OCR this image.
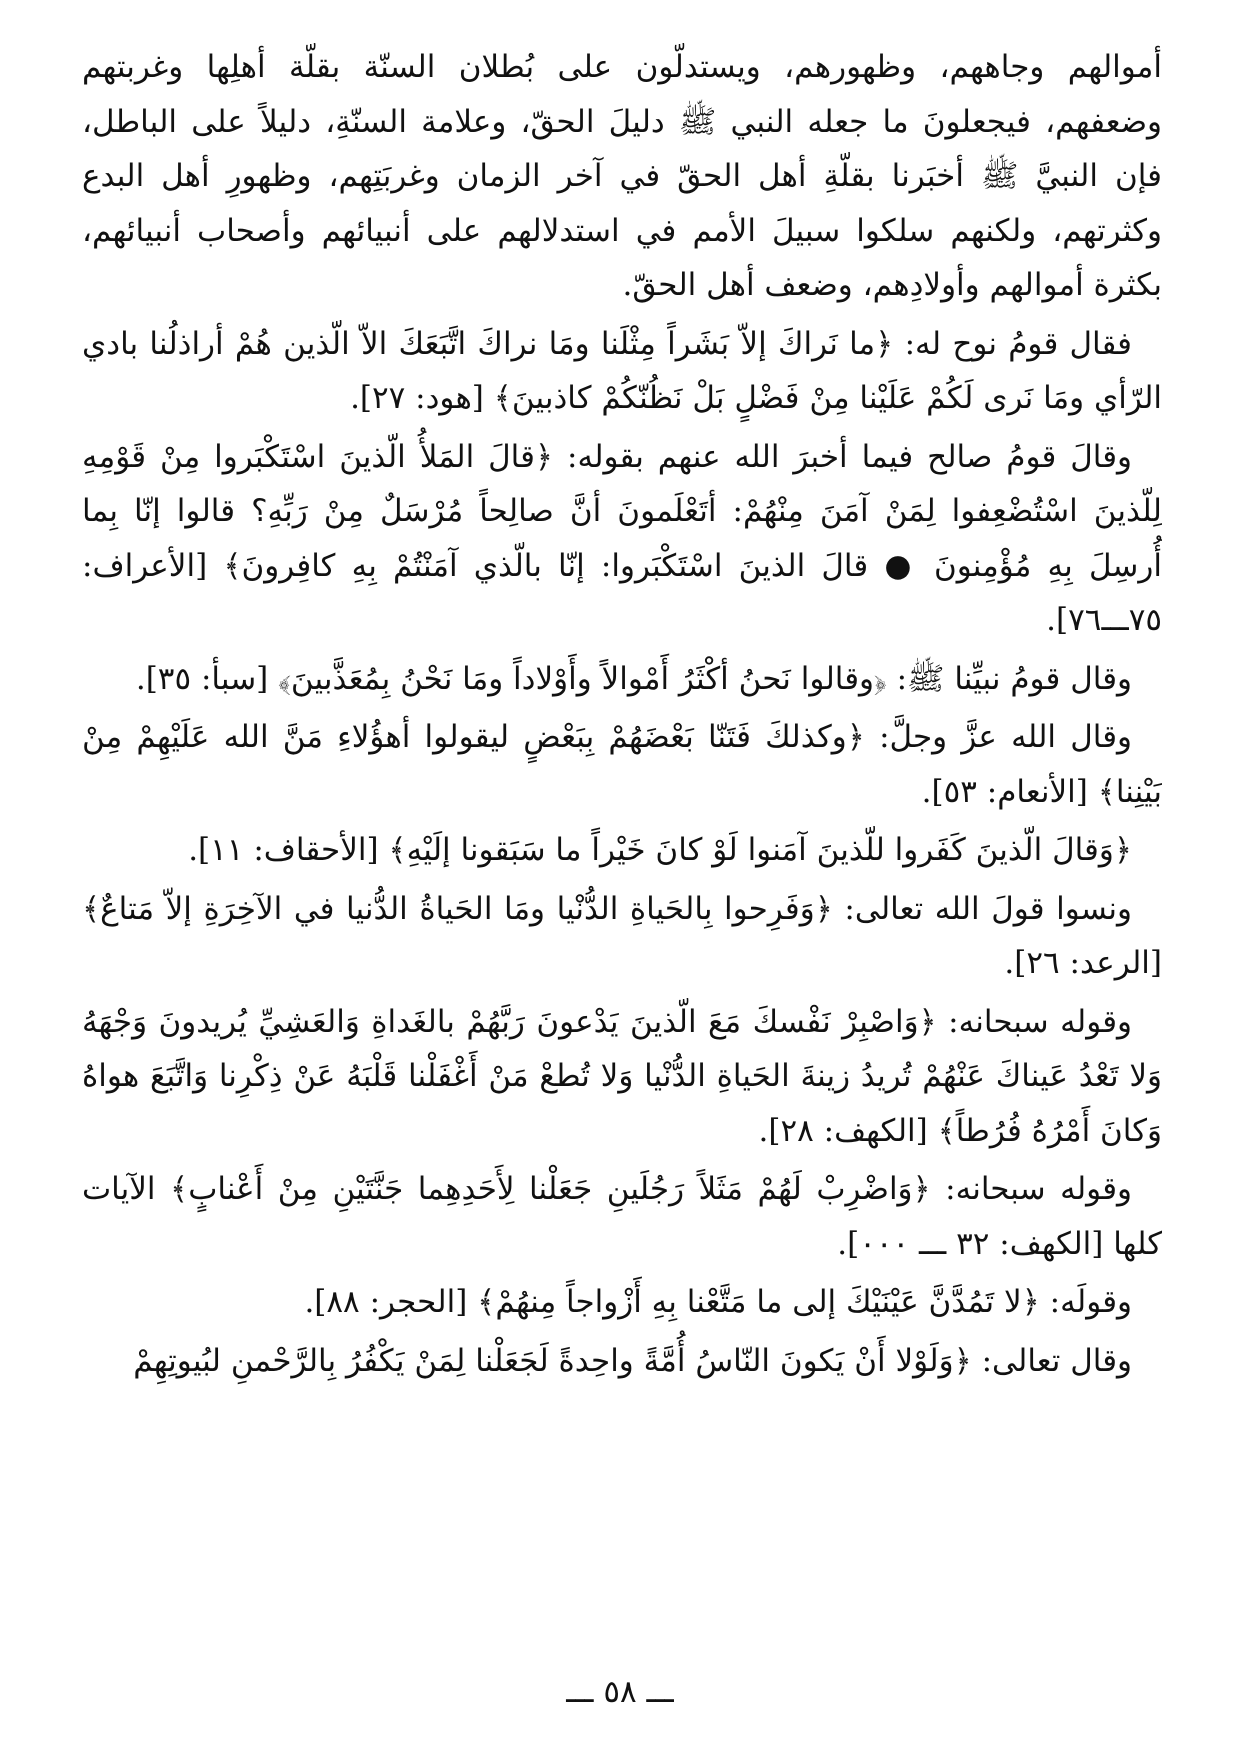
أموالهم وجاههم، وظهورهم، ويستدلّون على بُطلان السنّة بقلّة أهلِها وغربتهم وضعفهم، فيجعلونَ ما جعله النبي ﷺ دليلَ الحقّ، وعلامة السنّةِ، دليلاً على الباطل، فإن النبيَّ ﷺ أخبَرنا بقلّةِ أهل الحقّ في آخر الزمان وغربَتِهم، وظهورِ أهل البدع وكثرتهم، ولكنهم سلكوا سبيلَ الأمم في استدلالهم على أنبيائهم وأصحاب أنبيائهم، بكثرة أموالهم وأولادِهم، وضعف أهل الحقّ.

فقال قومُ نوح له: ﴿ما نَراكَ إلاّ بَشَراً مِثْلَنا ومَا نراكَ اتَّبَعَكَ الاّ الّذين هُمْ أراذلُنا بادي الرّأي ومَا نَرى لَكُمْ عَلَيْنا مِنْ فَضْلٍ بَلْ نَظُنّكُمْ كاذبينَ﴾ [هود: ٢٧].

وقالَ قومُ صالح فيما أخبرَ الله عنهم بقوله: ﴿قالَ المَلأُ الّذينَ اسْتَكْبَروا مِنْ قَوْمِهِ لِلّذينَ اسْتُضْعِفوا لِمَنْ آمَنَ مِنْهُمْ: أتَعْلَمونَ أنَّ صالِحاً مُرْسَلٌ مِنْ رَبِّهِ؟ قالوا إنّا بِما أُرسِلَ بِهِ مُؤْمِنونَ ● قالَ الذينَ اسْتَكْبَروا: إنّا بالّذي آمَنْتُمْ بِهِ كافِرونَ﴾ [الأعراف: ٧٥ـــ٧٦].

وقال قومُ نبيِّنا ﷺ: ﴿وقالوا نَحنُ أكْثَرُ أَمْوالاً وأَوْلاداً ومَا نَحْنُ بِمُعَذَّبينَ﴾ [سبأ: ٣٥].

وقال الله عزَّ وجلَّ: ﴿وكذلكَ فَتَنّا بَعْضَهُمْ بِبَعْضٍ ليقولوا أهؤُلاءِ مَنَّ الله عَلَيْهِمْ مِنْ بَيْنِنا﴾ [الأنعام: ٥٣].

﴿وَقالَ الّذينَ كَفَروا للّذينَ آمَنوا لَوْ كانَ خَيْراً ما سَبَقونا إلَيْهِ﴾ [الأحقاف: ١١].

ونسوا قولَ الله تعالى: ﴿وَفَرِحوا بِالحَياةِ الدُّنْيا ومَا الحَياةُ الدُّنيا في الآخِرَةِ إلاّ مَتاعٌ﴾ [الرعد: ٢٦].

وقوله سبحانه: ﴿وَاصْبِرْ نَفْسكَ مَعَ الّذينَ يَدْعونَ رَبَّهُمْ بالغَداةِ وَالعَشِيِّ يُريدونَ وَجْهَهُ وَلا تَعْدُ عَيناكَ عَنْهُمْ تُريدُ زينةَ الحَياةِ الدُّنْيا وَلا تُطعْ مَنْ أَغْفَلْنا قَلْبَهُ عَنْ ذِكْرِنا وَاتَّبَعَ هواهُ وَكانَ أَمْرُهُ فُرُطاً﴾ [الكهف: ٢٨].

وقوله سبحانه: ﴿وَاضْرِبْ لَهُمْ مَثَلاً رَجُلَينِ جَعَلْنا لِأَحَدِهِما جَنَّتَيْنِ مِنْ أَعْنابٍ﴾ الآيات كلها [الكهف: ٣٢ ـــ ٠٠٠].

وقولَه: ﴿لا تَمُدَّنَّ عَيْنَيْكَ إلى ما مَتَّعْنا بِهِ أَزْواجاً مِنهُمْ﴾ [الحجر: ٨٨].

وقال تعالى: ﴿وَلَوْلا أَنْ يَكونَ النّاسُ أُمَّةً واحِدةً لَجَعَلْنا لِمَنْ يَكْفُرُ بِالرَّحْمنِ لبُيوتِهِمْ

ـــ ٥٨ ـــ
